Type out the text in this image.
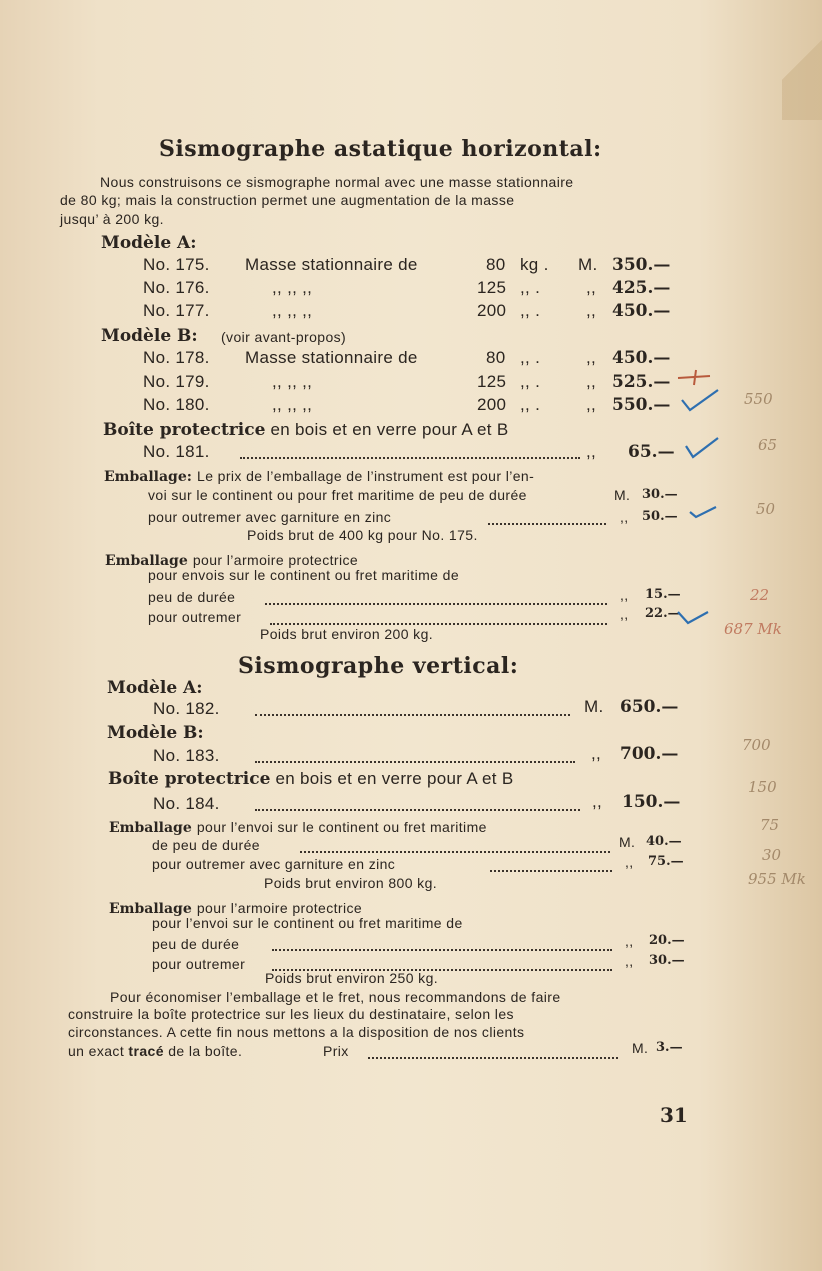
Sismographe astatique horizontal:
Nous construisons ce sismographe normal avec une masse stationnaire
de 80 kg; mais la construction permet une augmentation de la masse
jusqu’ à 200 kg.
Modèle A:
No. 175. Masse stationnaire de	80 kg . M. 350.—
No. 176.	,, ,, ,,	125 ,, .	,, 425.—
No. 177.	,, ,, ,,	200 ,, .	,, 450.—
Modèle B: (voir avant-propos)
No. 178. Masse stationnaire de	80 ,, .	,, 450.—
No. 179.	,, ,, ,,	125 ,, .	,, 525.—
No. 180.	,, ,, ,,	200 ,, .	,, 550.—
Boîte protectrice en bois et en verre pour A et B
No. 181.	,, 65.—
Emballage: Le prix de l’emballage de l’instrument est pour l’en-
voi sur le continent ou pour fret maritime de peu de durée	M. 30.—
pour outremer avec garniture en zinc	,, 50.—
Poids brut de 400 kg pour No. 175.
Emballage pour l’armoire protectrice
pour envois sur le continent ou fret maritime de
peu de durée	,, 15.—
pour outremer	,, 22.—
Poids brut environ 200 kg.
Sismographe vertical:
Modèle A:
No. 182.	M. 650.—
Modèle B:
No. 183.	,, 700.—
Boîte protectrice en bois et en verre pour A et B
No. 184.	,, 150.—
Emballage pour l’envoi sur le continent ou fret maritime
de peu de durée	M. 40.—
pour outremer avec garniture en zinc	,, 75.—
Poids brut environ 800 kg.
Emballage pour l’armoire protectrice
pour l’envoi sur le continent ou fret maritime de
peu de durée	,, 20.—
pour outremer	,, 30.—
Poids brut environ 250 kg.
Pour économiser l’emballage et le fret, nous recommandons de faire
construire la boîte protectrice sur les lieux du destinataire, selon les
circonstances. A cette fin nous mettons a la disposition de nos clients
un exact tracé de la boîte.	Prix	M. 3.—
550
65
50
22
687 Mk
700
150
75
30
955 Mk
31
